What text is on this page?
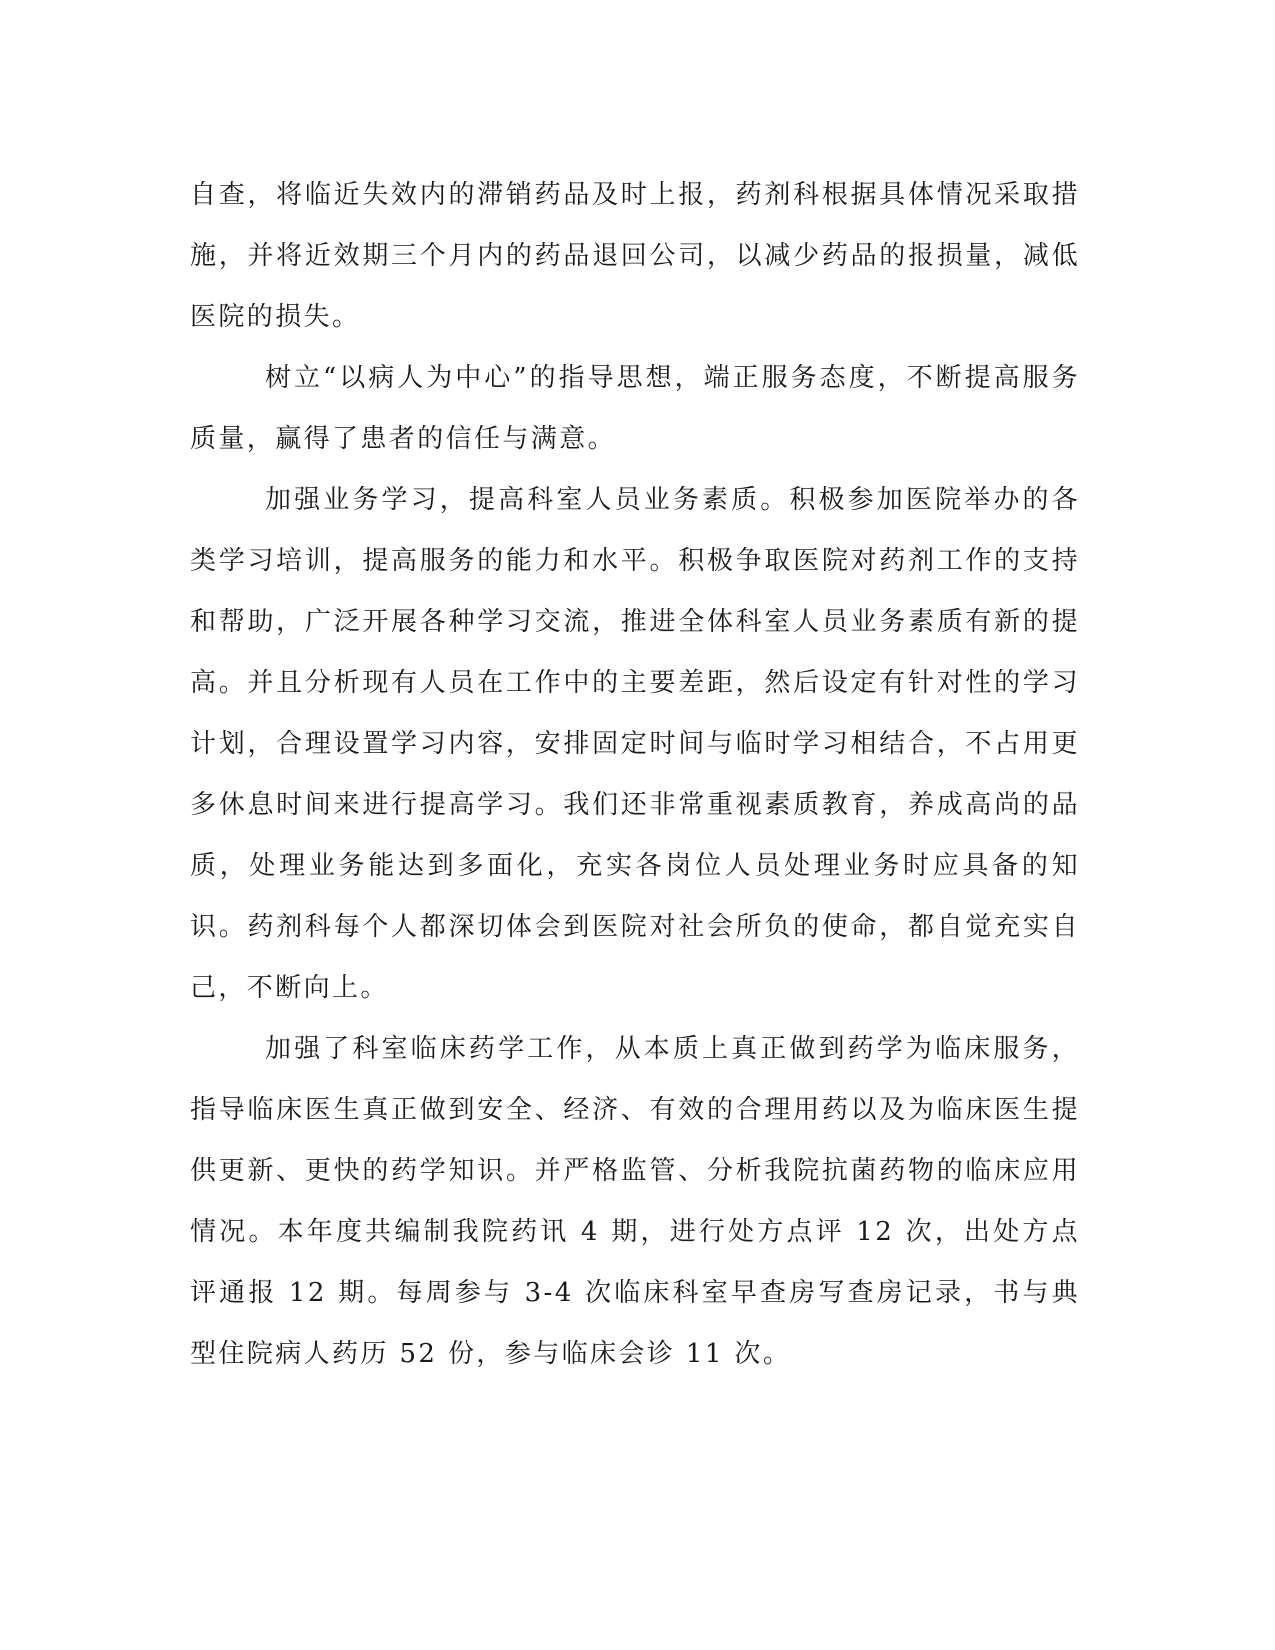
自查，将临近失效内的滞销药品及时上报，药剂科根据具体情况采取措施，并将近效期三个月内的药品退回公司，以减少药品的报损量，减低医院的损失。

树立“以病人为中心”的指导思想，端正服务态度，不断提高服务质量，赢得了患者的信任与满意。

加强业务学习，提高科室人员业务素质。积极参加医院举办的各类学习培训，提高服务的能力和水平。积极争取医院对药剂工作的支持和帮助，广泛开展各种学习交流，推进全体科室人员业务素质有新的提高。并且分析现有人员在工作中的主要差距，然后设定有针对性的学习计划，合理设置学习内容，安排固定时间与临时学习相结合，不占用更多休息时间来进行提高学习。我们还非常重视素质教育，养成高尚的品质，处理业务能达到多面化，充实各岗位人员处理业务时应具备的知识。药剂科每个人都深切体会到医院对社会所负的使命，都自觉充实自己，不断向上。

加强了科室临床药学工作，从本质上真正做到药学为临床服务，指导临床医生真正做到安全、经济、有效的合理用药以及为临床医生提供更新、更快的药学知识。并严格监管、分析我院抗菌药物的临床应用情况。本年度共编制我院药讯 4 期，进行处方点评 12 次，出处方点评通报 12 期。每周参与 3-4 次临床科室早查房写查房记录，书与典型住院病人药历 52 份，参与临床会诊 11 次。
